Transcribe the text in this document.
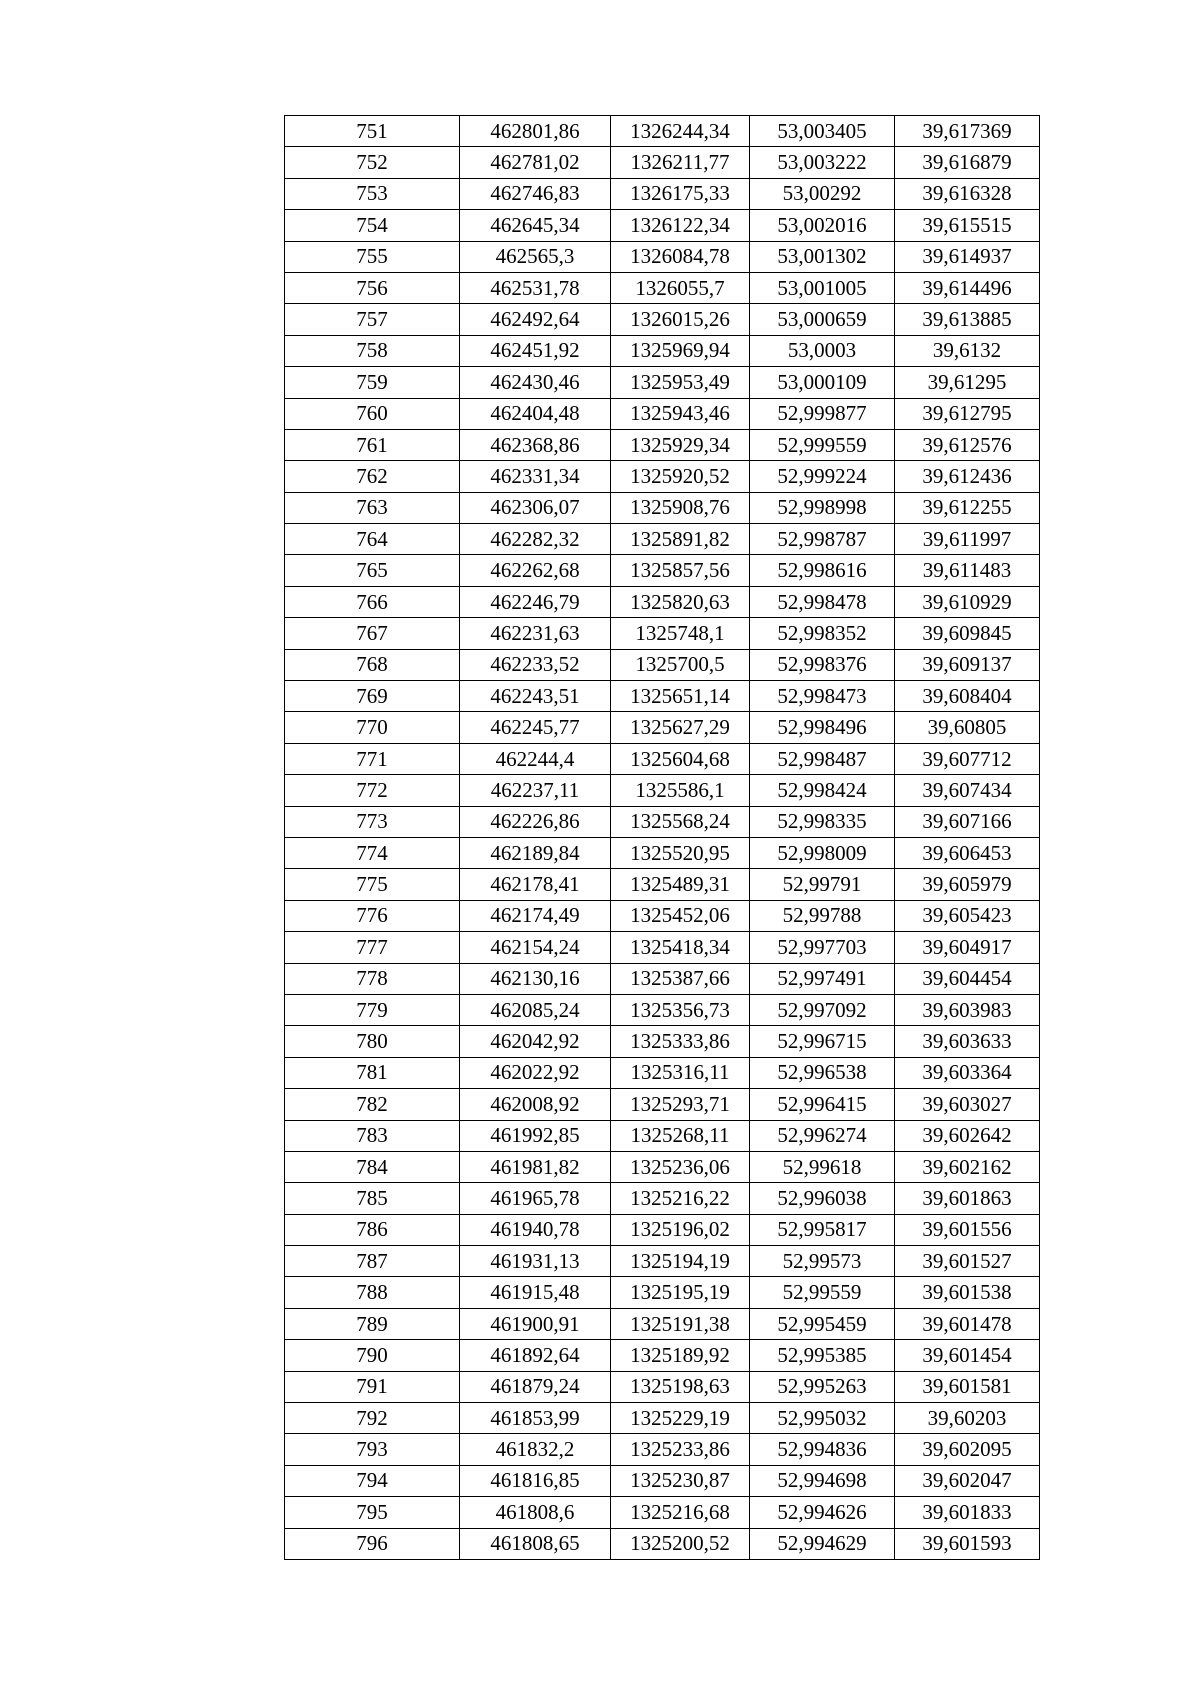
751	462801,86	1326244,34	53,003405	39,617369
752	462781,02	1326211,77	53,003222	39,616879
753	462746,83	1326175,33	53,00292	39,616328
754	462645,34	1326122,34	53,002016	39,615515
755	462565,3	1326084,78	53,001302	39,614937
756	462531,78	1326055,7	53,001005	39,614496
757	462492,64	1326015,26	53,000659	39,613885
758	462451,92	1325969,94	53,0003	39,6132
759	462430,46	1325953,49	53,000109	39,61295
760	462404,48	1325943,46	52,999877	39,612795
761	462368,86	1325929,34	52,999559	39,612576
762	462331,34	1325920,52	52,999224	39,612436
763	462306,07	1325908,76	52,998998	39,612255
764	462282,32	1325891,82	52,998787	39,611997
765	462262,68	1325857,56	52,998616	39,611483
766	462246,79	1325820,63	52,998478	39,610929
767	462231,63	1325748,1	52,998352	39,609845
768	462233,52	1325700,5	52,998376	39,609137
769	462243,51	1325651,14	52,998473	39,608404
770	462245,77	1325627,29	52,998496	39,60805
771	462244,4	1325604,68	52,998487	39,607712
772	462237,11	1325586,1	52,998424	39,607434
773	462226,86	1325568,24	52,998335	39,607166
774	462189,84	1325520,95	52,998009	39,606453
775	462178,41	1325489,31	52,99791	39,605979
776	462174,49	1325452,06	52,99788	39,605423
777	462154,24	1325418,34	52,997703	39,604917
778	462130,16	1325387,66	52,997491	39,604454
779	462085,24	1325356,73	52,997092	39,603983
780	462042,92	1325333,86	52,996715	39,603633
781	462022,92	1325316,11	52,996538	39,603364
782	462008,92	1325293,71	52,996415	39,603027
783	461992,85	1325268,11	52,996274	39,602642
784	461981,82	1325236,06	52,99618	39,602162
785	461965,78	1325216,22	52,996038	39,601863
786	461940,78	1325196,02	52,995817	39,601556
787	461931,13	1325194,19	52,99573	39,601527
788	461915,48	1325195,19	52,99559	39,601538
789	461900,91	1325191,38	52,995459	39,601478
790	461892,64	1325189,92	52,995385	39,601454
791	461879,24	1325198,63	52,995263	39,601581
792	461853,99	1325229,19	52,995032	39,60203
793	461832,2	1325233,86	52,994836	39,602095
794	461816,85	1325230,87	52,994698	39,602047
795	461808,6	1325216,68	52,994626	39,601833
796	461808,65	1325200,52	52,994629	39,601593
